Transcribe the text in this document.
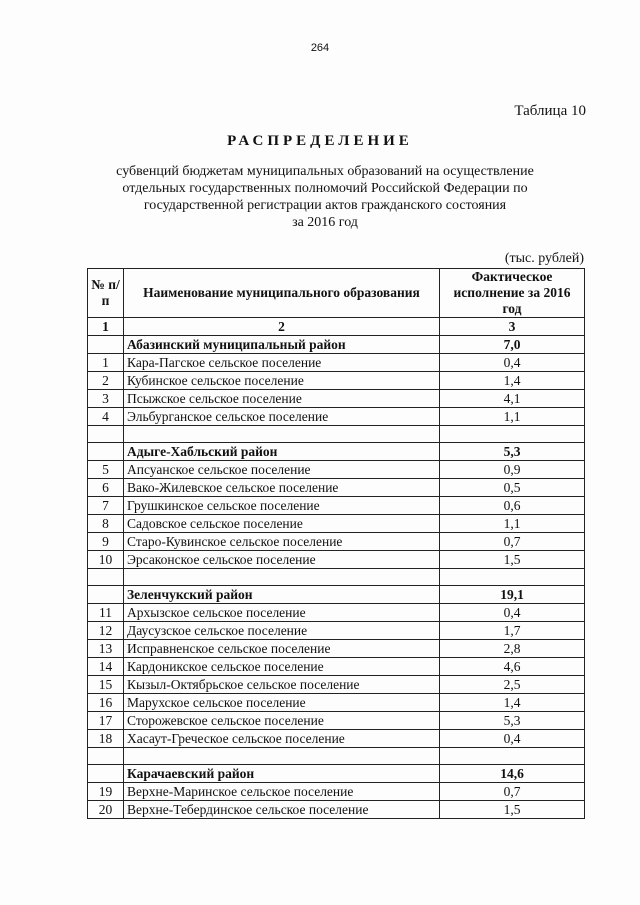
264
Таблица 10
РАСПРЕДЕЛЕНИЕ
субвенций бюджетам муниципальных образований на осуществление
отдельных государственных полномочий Российской Федерации по
государственной регистрации актов гражданского состояния
за 2016 год
(тыс. рублей)
№ п/п	Наименование муниципального образования	Фактическое исполнение за 2016 год
1	2	3
	Абазинский муниципальный район	7,0
1	Кара-Пагское сельское поселение	0,4
2	Кубинское сельское поселение	1,4
3	Псыжское сельское поселение	4,1
4	Эльбурганское сельское поселение	1,1

	Адыге-Хабльский район	5,3
5	Апсуанское сельское поселение	0,9
6	Вако-Жилевское сельское поселение	0,5
7	Грушкинское сельское поселение	0,6
8	Садовское сельское поселение	1,1
9	Старо-Кувинское сельское поселение	0,7
10	Эрсаконское сельское поселение	1,5

	Зеленчукский район	19,1
11	Архызское сельское поселение	0,4
12	Даусузское сельское поселение	1,7
13	Исправненское сельское поселение	2,8
14	Кардоникское сельское поселение	4,6
15	Кызыл-Октябрьское сельское поселение	2,5
16	Марухское сельское поселение	1,4
17	Сторожевское сельское поселение	5,3
18	Хасаут-Греческое сельское поселение	0,4

	Карачаевский район	14,6
19	Верхне-Маринское сельское поселение	0,7
20	Верхне-Тебердинское сельское поселение	1,5
